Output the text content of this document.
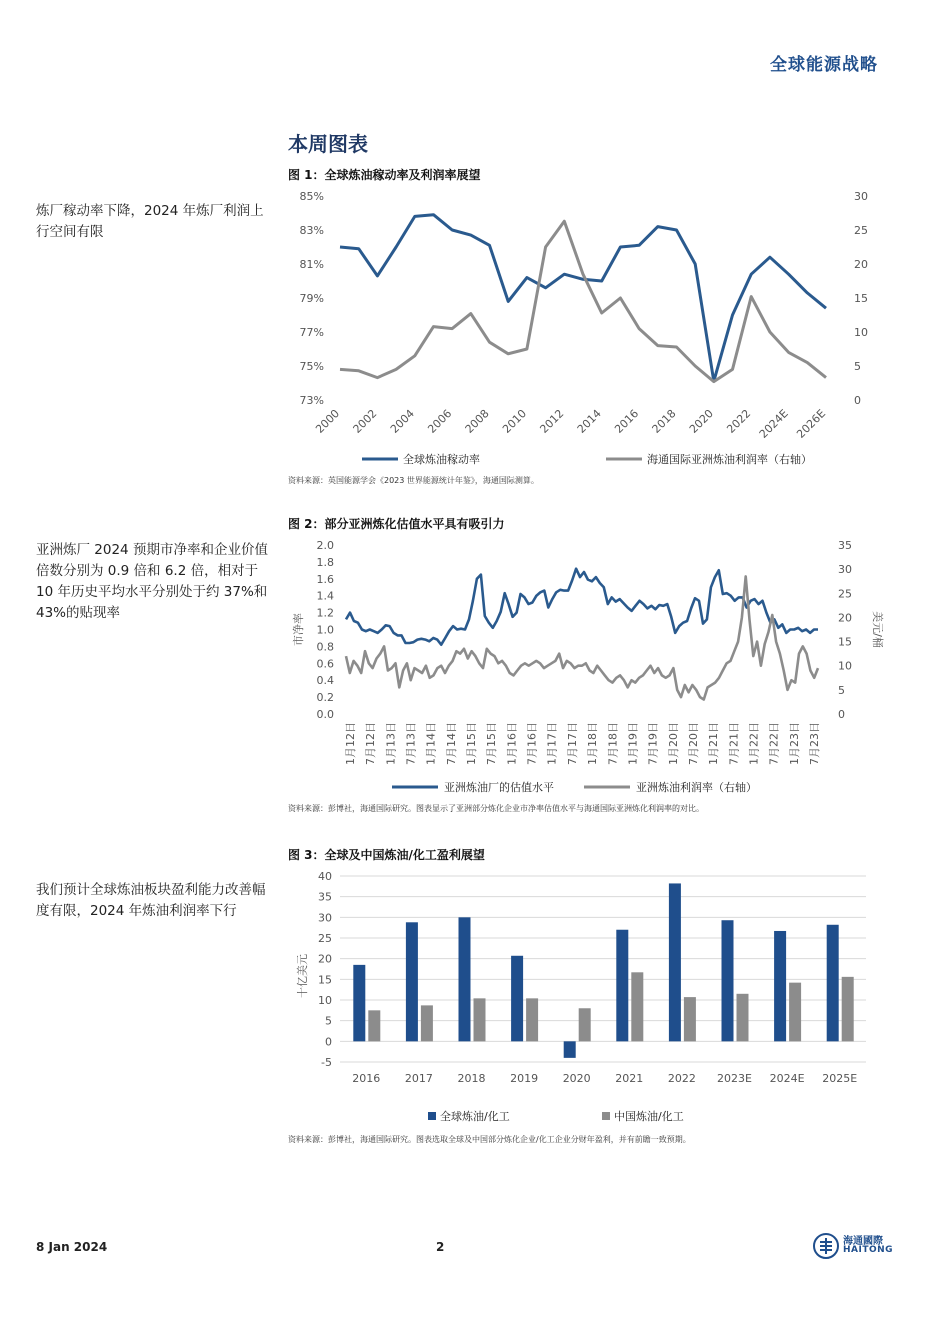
全球能源战略
本周图表
炼厂稼动率下降，2024 年炼厂利润上行空间有限
亚洲炼厂 2024 预期市净率和企业价值倍数分别为 0.9 倍和 6.2 倍，相对于 10 年历史平均水平分别处于约 37%和 43%的贴现率
我们预计全球炼油板块盈利能力改善幅度有限，2024 年炼油利润率下行
图 1：全球炼油稼动率及利润率展望
85%
83%
81%
79%
77%
75%
73%
30
25
20
15
10
5
0
2000 2002 2004 2006 2008 2010 2012 2014 2016 2018 2020 2022 2024E 2026E
全球炼油稼动率	海通国际亚洲炼油利润率（右轴）
资料来源：英国能源学会《2023 世界能源统计年鉴》，海通国际测算。
图 2：部分亚洲炼化估值水平具有吸引力
2.0
1.8
1.6
1.4
1.2
1.0
0.8
0.6
0.4
0.2
0.0
35
30
25
20
15
10
5
0
市净率	美元/桶
1月12日 7月12日 1月13日 7月13日 1月14日 7月14日 1月15日 7月15日 1月16日 7月16日 1月17日 7月17日 1月18日 7月18日 1月19日 7月19日 1月20日 7月20日 1月21日 7月21日 1月22日 7月22日 1月23日 7月23日
亚洲炼油厂的估值水平	亚洲炼油利润率（右轴）
资料来源：彭博社，海通国际研究。图表显示了亚洲部分炼化企业市净率估值水平与海通国际亚洲炼化利润率的对比。
图 3：全球及中国炼油/化工盈利展望
40
35
30
25
20
15
10
5
0
-5
十亿美元
2016 2017 2018 2019 2020 2021 2022 2023E 2024E 2025E
全球炼油/化工	中国炼油/化工
资料来源：彭博社，海通国际研究。图表选取全球及中国部分炼化企业/化工企业分财年盈利，并有前瞻一致预期。
8 Jan 2024	2	海通國際
HAITONG
